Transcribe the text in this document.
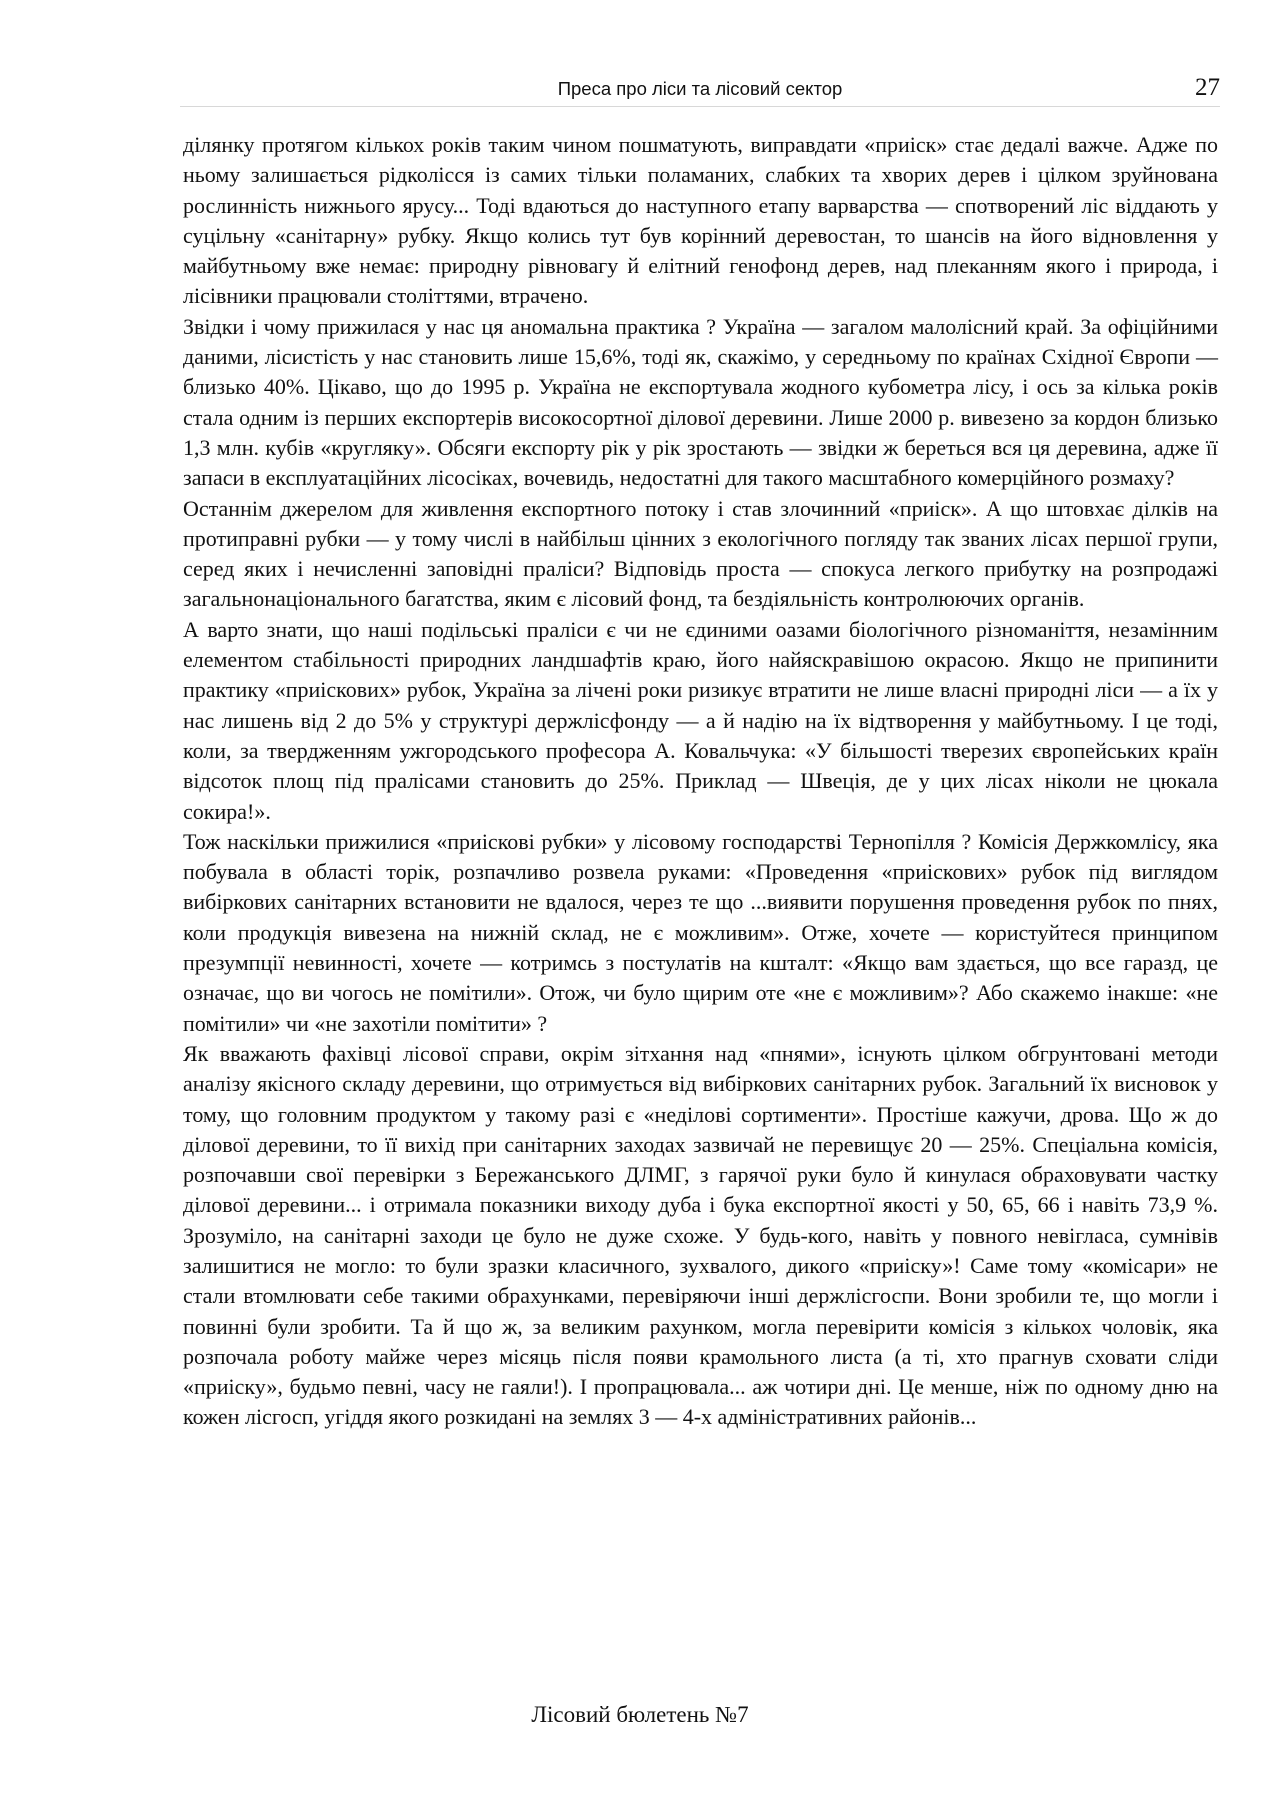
Преса про ліси та лісовий сектор	27

ділянку протягом кількох років таким чином пошматують, виправдати «приіск» стає дедалі важче. Адже по ньому залишається рідколісся із самих тільки поламаних, слабких та хворих дерев і цілком зруйнована рослинність нижнього ярусу... Тоді вдаються до наступного етапу варварства — спотворений ліс віддають у суцільну «санітарну» рубку. Якщо колись тут був корінний деревостан, то шансів на його відновлення у майбутньому вже немає: природну рівновагу й елітний генофонд дерев, над плеканням якого і природа, і лісівники працювали століттями, втрачено.

Звідки і чому прижилася у нас ця аномальна практика ? Україна — загалом малолісний край. За офіційними даними, лісистість у нас становить лише 15,6%, тоді як, скажімо, у середньому по країнах Східної Європи — близько 40%. Цікаво, що до 1995 р. Україна не експортувала жодного кубометра лісу, і ось за кілька років стала одним із перших експортерів високосортної ділової деревини. Лише 2000 р. вивезено за кордон близько 1,3 млн. кубів «кругляку». Обсяги експорту рік у рік зростають — звідки ж береться вся ця деревина, адже її запаси в експлуатаційних лісосіках, вочевидь, недостатні для такого масштабного комерційного розмаху?

Останнім джерелом для живлення експортного потоку і став злочинний «приіск». А що штовхає ділків на протиправні рубки — у тому числі в найбільш цінних з екологічного погляду так званих лісах першої групи, серед яких і нечисленні заповідні праліси? Відповідь проста — спокуса легкого прибутку на розпродажі загальнонаціонального багатства, яким є лісовий фонд, та бездіяльність контролюючих органів.

А варто знати, що наші подільські праліси є чи не єдиними оазами біологічного різноманіття, незамінним елементом стабільності природних ландшафтів краю, його найяскравішою окрасою. Якщо не припинити практику «приіскових» рубок, Україна за лічені роки ризикує втратити не лише власні природні ліси — а їх у нас лишень від 2 до 5% у структурі держлісфонду — а й надію на їх відтворення у майбутньому. І це тоді, коли, за твердженням ужгородського професора А. Ковальчука: «У більшості тверезих європейських країн відсоток площ під пралісами становить до 25%. Приклад — Швеція, де у цих лісах ніколи не цюкала сокира!».

Тож наскільки прижилися «приіскові рубки» у лісовому господарстві Тернопілля ? Комісія Держкомлісу, яка побувала в області торік, розпачливо розвела руками: «Проведення «приіскових» рубок під виглядом вибіркових санітарних встановити не вдалося, через те що ...виявити порушення проведення рубок по пнях, коли продукція вивезена на нижній склад, не є можливим». Отже, хочете — користуйтеся принципом презумпції невинності, хочете — котримсь з постулатів на кшталт: «Якщо вам здається, що все гаразд, це означає, що ви чогось не помітили». Отож, чи було щирим оте «не є можливим»? Або скажемо інакше: «не помітили» чи «не захотіли помітити» ?

Як вважають фахівці лісової справи, окрім зітхання над «пнями», існують цілком обгрунтовані методи аналізу якісного складу деревини, що отримується від вибіркових санітарних рубок. Загальний їх висновок у тому, що головним продуктом у такому разі є «неділові сортименти». Простіше кажучи, дрова. Що ж до ділової деревини, то її вихід при санітарних заходах зазвичай не перевищує 20 — 25%. Спеціальна комісія, розпочавши свої перевірки з Бережанського ДЛМГ, з гарячої руки було й кинулася обраховувати частку ділової деревини... і отримала показники виходу дуба і бука експортної якості у 50, 65, 66 і навіть 73,9 %. Зрозуміло, на санітарні заходи це було не дуже схоже. У будь-кого, навіть у повного невігласа, сумнівів залишитися не могло: то були зразки класичного, зухвалого, дикого «приіску»! Саме тому «комісари» не стали втомлювати себе такими обрахунками, перевіряючи інші держлісгоспи. Вони зробили те, що могли і повинні були зробити. Та й що ж, за великим рахунком, могла перевірити комісія з кількох чоловік, яка розпочала роботу майже через місяць після появи крамольного листа (а ті, хто прагнув сховати сліди «приіску», будьмо певні, часу не гаяли!). І пропрацювала... аж чотири дні. Це менше, ніж по одному дню на кожен лісгосп, угіддя якого розкидані на землях 3 — 4-х адміністративних районів...

Лісовий бюлетень №7
